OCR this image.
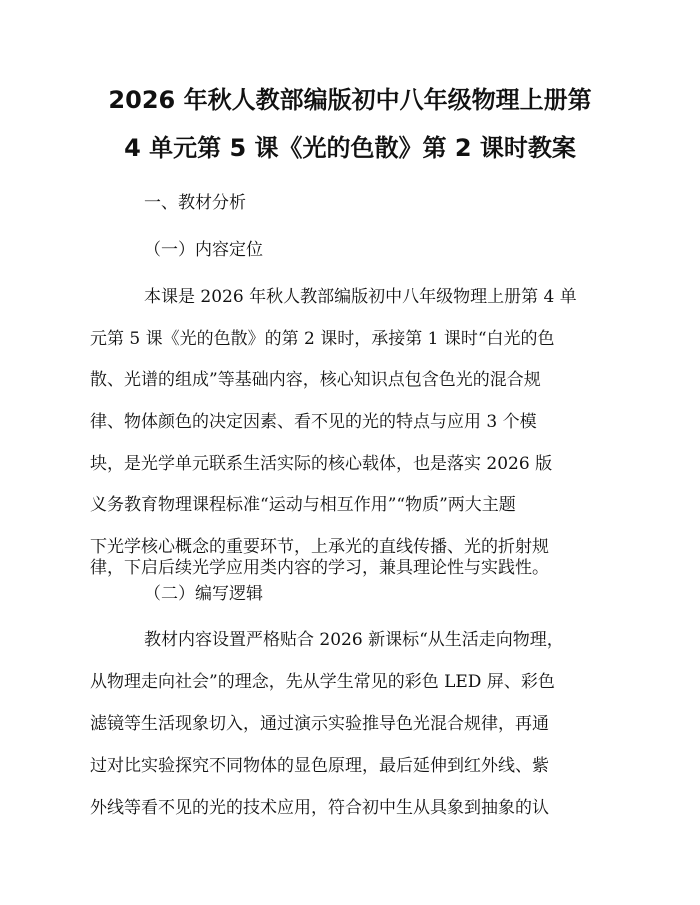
2026 年秋人教部编版初中八年级物理上册第
4 单元第 5 课《光的色散》第 2 课时教案
一、教材分析
（一）内容定位
本课是 2026 年秋人教部编版初中八年级物理上册第 4 单
元第 5 课《光的色散》的第 2 课时，承接第 1 课时“白光的色
散、光谱的组成”等基础内容，核心知识点包含色光的混合规
律、物体颜色的决定因素、看不见的光的特点与应用 3 个模
块，是光学单元联系生活实际的核心载体，也是落实 2026 版
义务教育物理课程标准“运动与相互作用”“物质”两大主题
下光学核心概念的重要环节，上承光的直线传播、光的折射规
律，下启后续光学应用类内容的学习，兼具理论性与实践性。
（二）编写逻辑
教材内容设置严格贴合 2026 新课标“从生活走向物理，
从物理走向社会”的理念，先从学生常见的彩色 LED 屏、彩色
滤镜等生活现象切入，通过演示实验推导色光混合规律，再通
过对比实验探究不同物体的显色原理，最后延伸到红外线、紫
外线等看不见的光的技术应用，符合初中生从具象到抽象的认
